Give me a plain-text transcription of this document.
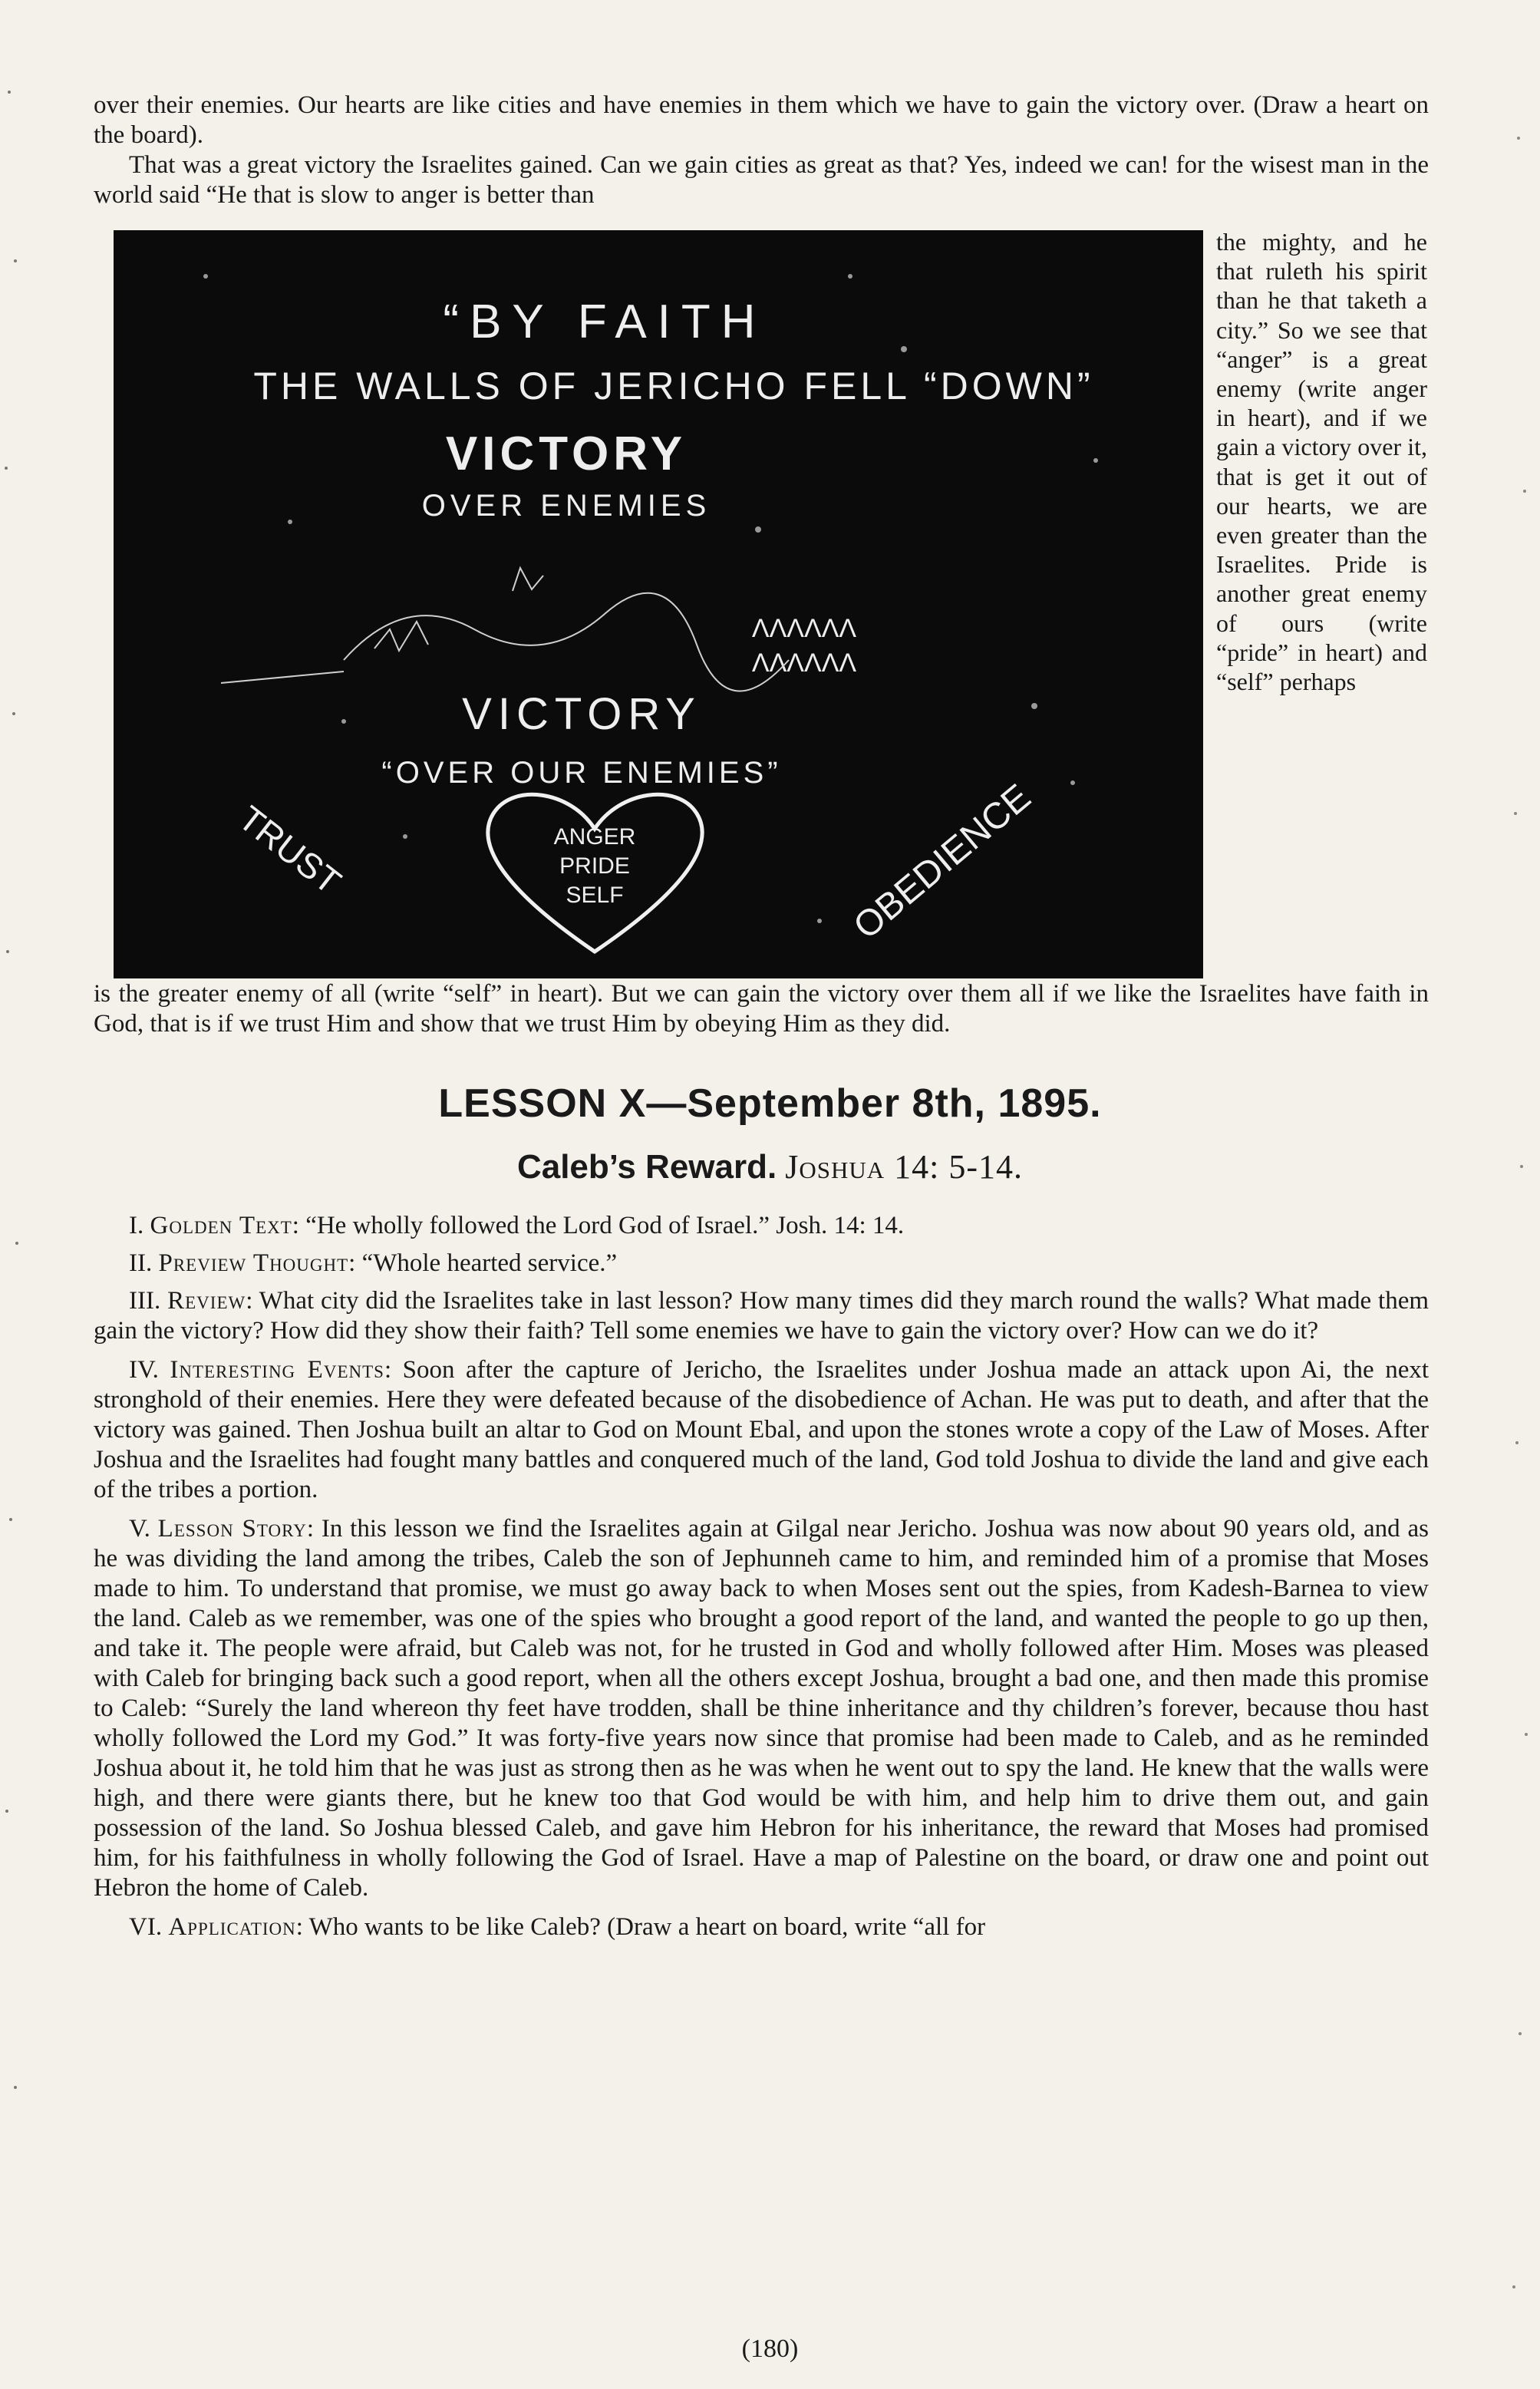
over their enemies. Our hearts are like cities and have enemies in them which we have to gain the victory over. (Draw a heart on the board).

That was a great victory the Israelites gained. Can we gain cities as great as that? Yes, indeed we can! for the wisest man in the world said “He that is slow to anger is better than

“BY FAITH
THE WALLS OF JERICHO FELL “DOWN”
VICTORY
OVER ENEMIES
ΛΛΛΛΛΛ
ΛΛΛΛΛΛ
VICTORY
“OVER OUR ENEMIES”
TRUST	OBEDIENCE
ANGER
PRIDE
SELF
the mighty, and he that ruleth his spirit than he that taketh a city.” So we see that “anger” is a great enemy (write anger in heart), and if we gain a victory over it, that is get it out of our hearts, we are even greater than the Israelites. Pride is another great enemy of ours (write “pride” in heart) and “self” perhaps
is the greater enemy of all (write “self” in heart). But we can gain the victory over them all if we like the Israelites have faith in God, that is if we trust Him and show that we trust Him by obeying Him as they did.
LESSON X—September 8th, 1895.
Caleb’s Reward. Joshua 14: 5-14.

I. Golden Text: “He wholly followed the Lord God of Israel.” Josh. 14: 14.

II. Preview Thought: “Whole hearted service.”

III. Review: What city did the Israelites take in last lesson? How many times did they march round the walls? What made them gain the victory? How did they show their faith? Tell some enemies we have to gain the victory over? How can we do it?

IV. Interesting Events: Soon after the capture of Jericho, the Israelites under Joshua made an attack upon Ai, the next stronghold of their enemies. Here they were defeated because of the disobedience of Achan. He was put to death, and after that the victory was gained. Then Joshua built an altar to God on Mount Ebal, and upon the stones wrote a copy of the Law of Moses. After Joshua and the Israelites had fought many battles and conquered much of the land, God told Joshua to divide the land and give each of the tribes a portion.

V. Lesson Story: In this lesson we find the Israelites again at Gilgal near Jericho. Joshua was now about 90 years old, and as he was dividing the land among the tribes, Caleb the son of Jephunneh came to him, and reminded him of a promise that Moses made to him. To understand that promise, we must go away back to when Moses sent out the spies, from Kadesh-Barnea to view the land. Caleb as we remember, was one of the spies who brought a good report of the land, and wanted the people to go up then, and take it. The people were afraid, but Caleb was not, for he trusted in God and wholly followed after Him. Moses was pleased with Caleb for bringing back such a good report, when all the others except Joshua, brought a bad one, and then made this promise to Caleb: “Surely the land whereon thy feet have trodden, shall be thine inheritance and thy children’s forever, because thou hast wholly followed the Lord my God.” It was forty-five years now since that promise had been made to Caleb, and as he reminded Joshua about it, he told him that he was just as strong then as he was when he went out to spy the land. He knew that the walls were high, and there were giants there, but he knew too that God would be with him, and help him to drive them out, and gain possession of the land. So Joshua blessed Caleb, and gave him Hebron for his inheritance, the reward that Moses had promised him, for his faithfulness in wholly following the God of Israel. Have a map of Palestine on the board, or draw one and point out Hebron the home of Caleb.

VI. Application: Who wants to be like Caleb? (Draw a heart on board, write “all for

(180)
